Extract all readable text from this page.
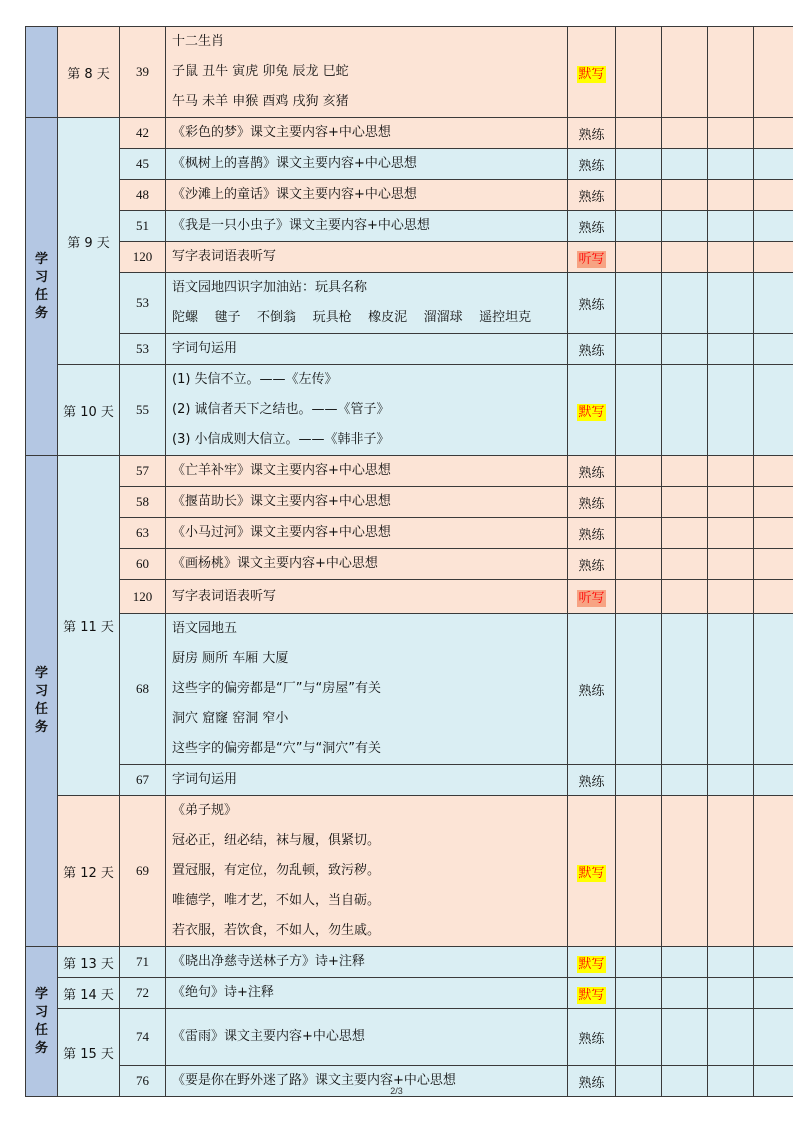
	第 8 天	39	十二生肖
子鼠 丑牛 寅虎 卯兔 辰龙 巳蛇
午马 未羊 申猴 酉鸡 戌狗 亥猪	默写				

学习任务	第 9 天	42	《彩色的梦》课文主要内容+中心思想	熟练				
		45	《枫树上的喜鹊》课文主要内容+中心思想	熟练				
		48	《沙滩上的童话》课文主要内容+中心思想	熟练				
		51	《我是一只小虫子》课文主要内容+中心思想	熟练				
		120	写字表词语表听写	听写				
		53	语文园地四识字加油站：玩具名称
陀螺    毽子    不倒翁    玩具枪    橡皮泥    溜溜球    遥控坦克	熟练				
		53	字词句运用	熟练				
	第 10 天	55	(1) 失信不立。——《左传》
(2) 诚信者天下之结也。——《管子》
(3) 小信成则大信立。——《韩非子》	默写				

学习任务	第 11 天	57	《亡羊补牢》课文主要内容+中心思想	熟练				
		58	《揠苗助长》课文主要内容+中心思想	熟练				
		63	《小马过河》课文主要内容+中心思想	熟练				
		60	《画杨桃》课文主要内容+中心思想	熟练				
		120	写字表词语表听写	听写				
		68	语文园地五
厨房 厕所 车厢 大厦
这些字的偏旁都是“厂”与“房屋”有关
洞穴 窟窿 窑洞 窄小
这些字的偏旁都是“穴”与“洞穴”有关	熟练				
		67	字词句运用	熟练				
	第 12 天	69	《弟子规》
冠必正，纽必结，袜与履，俱紧切。
置冠服，有定位，勿乱顿，致污秽。
唯德学，唯才艺，不如人，当自砺。
若衣服，若饮食，不如人，勿生戚。	默写				

学习任务	第 13 天	71	《晓出净慈寺送林子方》诗+注释	默写				
	第 14 天	72	《绝句》诗+注释	默写				
	第 15 天	74	《雷雨》课文主要内容+中心思想	熟练				
		76	《要是你在野外迷了路》课文主要内容+中心思想	熟练				
2/3
